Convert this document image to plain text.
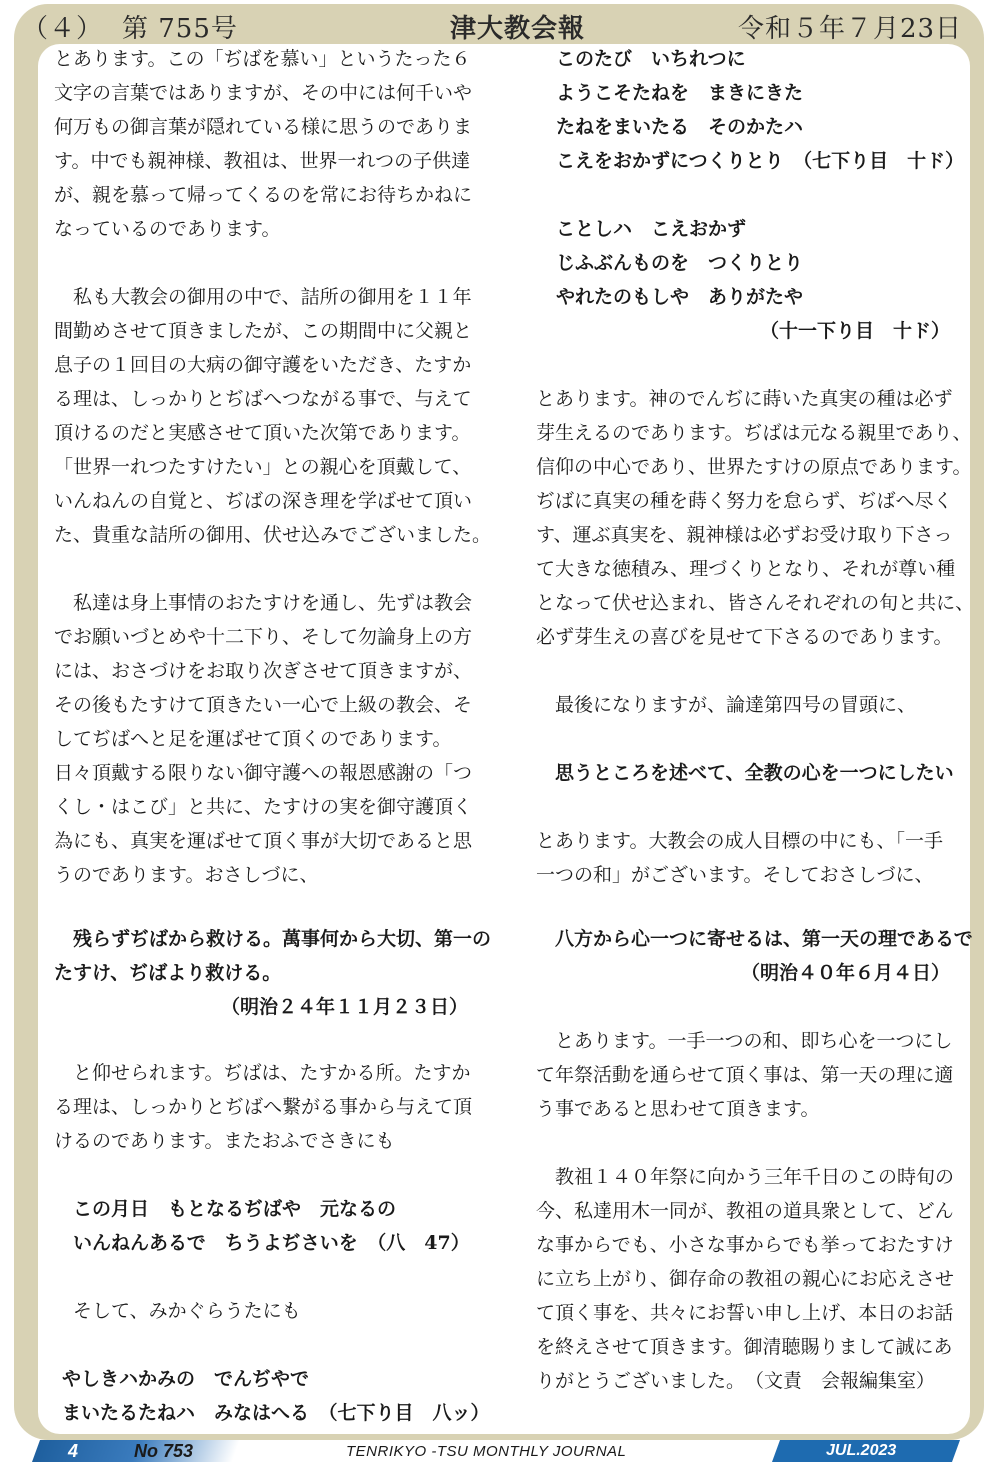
（４） 第 755号	津大教会報	令和５年７月23日
とあります。この「ぢばを慕い」というたった６
文字の言葉ではありますが、その中には何千いや
何万もの御言葉が隠れている様に思うのでありま
す。中でも親神様、教祖は、世界一れつの子供達
が、親を慕って帰ってくるのを常にお待ちかねに
なっているのであります。
　私も大教会の御用の中で、詰所の御用を１１年
間勤めさせて頂きましたが、この期間中に父親と
息子の１回目の大病の御守護をいただき、たすか
る理は、しっかりとぢばへつながる事で、与えて
頂けるのだと実感させて頂いた次第であります。
「世界一れつたすけたい」との親心を頂戴して、
いんねんの自覚と、ぢばの深き理を学ばせて頂い
た、貴重な詰所の御用、伏せ込みでございました。
　私達は身上事情のおたすけを通し、先ずは教会
でお願いづとめや十二下り、そして勿論身上の方
には、おさづけをお取り次ぎさせて頂きますが、
その後もたすけて頂きたい一心で上級の教会、そ
してぢばへと足を運ばせて頂くのであります。
日々頂戴する限りない御守護への報恩感謝の「つ
くし・はこび」と共に、たすけの実を御守護頂く
為にも、真実を運ばせて頂く事が大切であると思
うのであります。おさしづに、
　残らずぢばから救ける。萬事何から大切、第一の
たすけ、ぢばより救ける。
（明治２４年１１月２３日）
　と仰せられます。ぢばは、たすかる所。たすか
る理は、しっかりとぢばへ繋がる事から与えて頂
けるのであります。またおふでさきにも
　この月日　もとなるぢばや　元なるの
　いんねんあるで　ちうよぢさいを　（八　47）
　そして、みかぐらうたにも
やしきハかみの　でんぢやで
まいたるたねハ　みなはへる　（七下り目　八ッ）
このたび　いちれつに
ようこそたねを　まきにきた
たねをまいたる　そのかたハ
こえをおかずにつくりとり　（七下り目　十ド）
ことしハ　こえおかず
じふぶんものを　つくりとり
やれたのもしや　ありがたや
（十一下り目　十ド）
とあります。神のでんぢに蒔いた真実の種は必ず
芽生えるのであります。ぢばは元なる親里であり、
信仰の中心であり、世界たすけの原点であります。
ぢばに真実の種を蒔く努力を怠らず、ぢばへ尽く
す、運ぶ真実を、親神様は必ずお受け取り下さっ
て大きな徳積み、理づくりとなり、それが尊い種
となって伏せ込まれ、皆さんそれぞれの旬と共に、
必ず芽生えの喜びを見せて下さるのであります。
　最後になりますが、論達第四号の冒頭に、
　思うところを述べて、全教の心を一つにしたい
とあります。大教会の成人目標の中にも、「一手
一つの和」がございます。そしておさしづに、
　八方から心一つに寄せるは、第一天の理であるで
（明治４０年６月４日）
　とあります。一手一つの和、即ち心を一つにし
て年祭活動を通らせて頂く事は、第一天の理に適
う事であると思わせて頂きます。
　教祖１４０年祭に向かう三年千日のこの時旬の
今、私達用木一同が、教祖の道具衆として、どん
な事からでも、小さな事からでも挙っておたすけ
に立ち上がり、御存命の教祖の親心にお応えさせ
て頂く事を、共々にお誓い申し上げ、本日のお話
を終えさせて頂きます。御清聴賜りまして誠にあ
りがとうございました。　（文責　会報編集室）
4	No 753	TENRIKYO -TSU MONTHLY JOURNAL	JUL.2023
